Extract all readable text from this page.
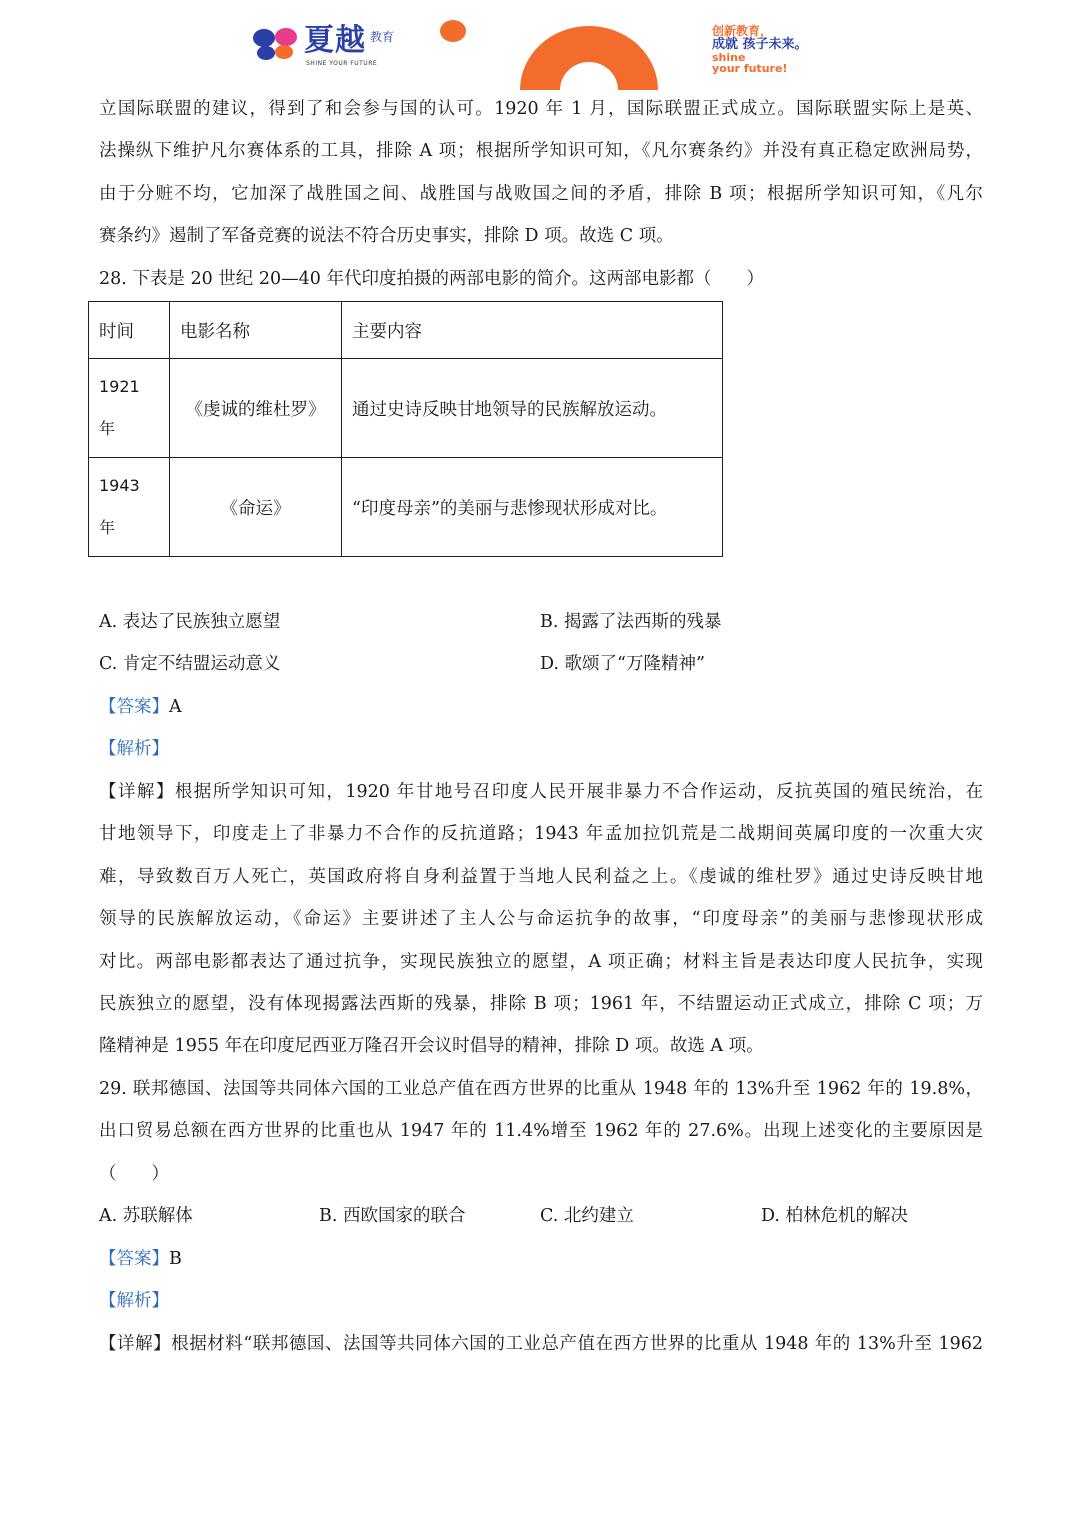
夏越 教育
SHINE YOUR FUTURE
创新教育，
成就 孩子未来。
shine
your future!

立国际联盟的建议，得到了和会参与国的认可。1920 年 1 月，国际联盟正式成立。国际联盟实际上是英、

法操纵下维护凡尔赛体系的工具，排除 A 项；根据所学知识可知，《凡尔赛条约》并没有真正稳定欧洲局势，

由于分赃不均，它加深了战胜国之间、战胜国与战败国之间的矛盾，排除 B 项；根据所学知识可知，《凡尔

赛条约》遏制了军备竞赛的说法不符合历史事实，排除 D 项。故选 C 项。

28. 下表是 20 世纪 20—40 年代印度拍摄的两部电影的简介。这两部电影都（　　）

时间	电影名称	主要内容

1921
年	《虔诚的维杜罗》	通过史诗反映甘地领导的民族解放运动。

1943
年	《命运》	“印度母亲”的美丽与悲惨现状形成对比。
A. 表达了民族独立愿望	B. 揭露了法西斯的残暴
C. 肯定不结盟运动意义	D. 歌颂了“万隆精神”
【答案】A
【解析】

【详解】根据所学知识可知，1920 年甘地号召印度人民开展非暴力不合作运动，反抗英国的殖民统治，在

甘地领导下，印度走上了非暴力不合作的反抗道路；1943 年孟加拉饥荒是二战期间英属印度的一次重大灾

难，导致数百万人死亡，英国政府将自身利益置于当地人民利益之上。《虔诚的维杜罗》通过史诗反映甘地

领导的民族解放运动，《命运》主要讲述了主人公与命运抗争的故事，“印度母亲”的美丽与悲惨现状形成

对比。两部电影都表达了通过抗争，实现民族独立的愿望，A 项正确；材料主旨是表达印度人民抗争，实现

民族独立的愿望，没有体现揭露法西斯的残暴，排除 B 项；1961 年，不结盟运动正式成立，排除 C 项；万

隆精神是 1955 年在印度尼西亚万隆召开会议时倡导的精神，排除 D 项。故选 A 项。

29. 联邦德国、法国等共同体六国的工业总产值在西方世界的比重从 1948 年的 13%升至 1962 年的 19.8%，

出口贸易总额在西方世界的比重也从 1947 年的 11.4%增至 1962 年的 27.6%。出现上述变化的主要原因是

（　　）

A. 苏联解体	B. 西欧国家的联合	C. 北约建立	D. 柏林危机的解决
【答案】B
【解析】

【详解】根据材料“联邦德国、法国等共同体六国的工业总产值在西方世界的比重从 1948 年的 13%升至 1962
